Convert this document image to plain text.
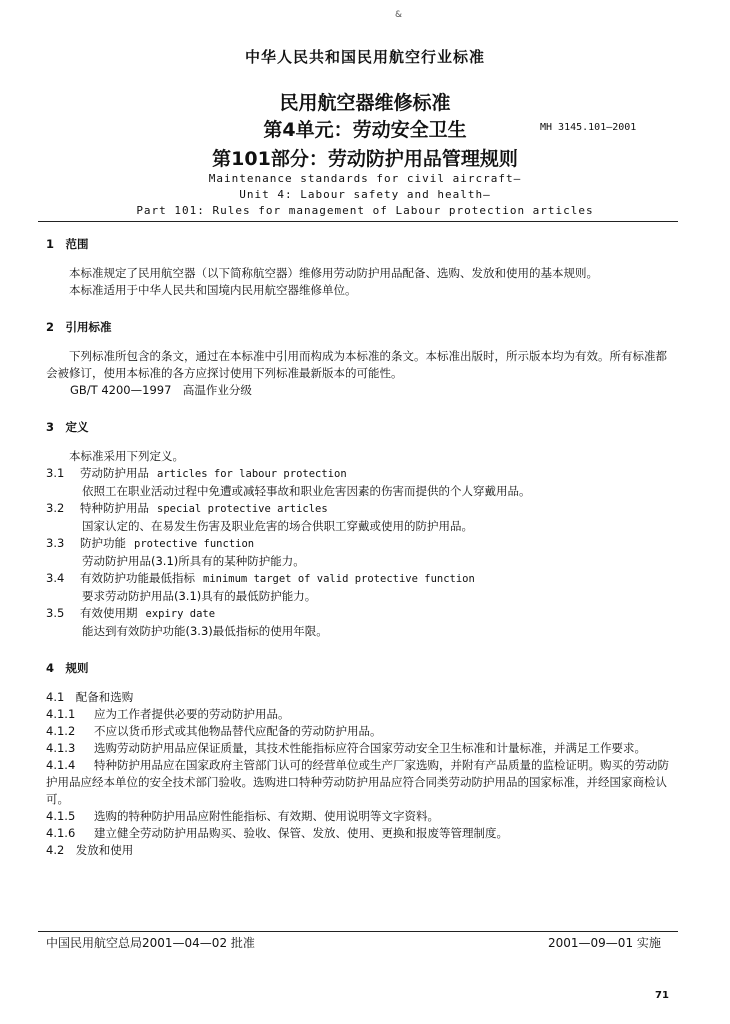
&
中华人民共和国民用航空行业标准
民用航空器维修标准
第4单元：劳动安全卫生	MH 3145.101—2001
第101部分：劳动防护用品管理规则
Maintenance standards for civil aircraft—
Unit 4: Labour safety and health—
Part 101: Rules for management of Labour protection articles
1　范围
本标准规定了民用航空器（以下简称航空器）维修用劳动防护用品配备、选购、发放和使用的基本规则。
本标准适用于中华人民共和国境内民用航空器维修单位。
2　引用标准
下列标准所包含的条文，通过在本标准中引用而构成为本标准的条文。本标准出版时，所示版本均为有效。所有标准都会被修订，使用本标准的各方应探讨使用下列标准最新版本的可能性。
GB/T 4200—1997　高温作业分级
3　定义
本标准采用下列定义。
3.1 劳动防护用品 articles for labour protection
依照工在职业活动过程中免遭或减轻事故和职业危害因素的伤害而提供的个人穿戴用品。
3.2 特种防护用品 special protective articles
国家认定的、在易发生伤害及职业危害的场合供职工穿戴或使用的防护用品。
3.3 防护功能 protective function
劳动防护用品(3.1)所具有的某种防护能力。
3.4 有效防护功能最低指标 minimum target of valid protective function
要求劳动防护用品(3.1)具有的最低防护能力。
3.5 有效使用期 expiry date
能达到有效防护功能(3.3)最低指标的使用年限。
4　规则
4.1　配备和选购
4.1.1 应为工作者提供必要的劳动防护用品。
4.1.2 不应以货币形式或其他物品替代应配备的劳动防护用品。
4.1.3 选购劳动防护用品应保证质量，其技术性能指标应符合国家劳动安全卫生标准和计量标准，并满足工作要求。
4.1.4 特种防护用品应在国家政府主管部门认可的经营单位或生产厂家选购，并附有产品质量的监检证明。购买的劳动防护用品应经本单位的安全技术部门验收。选购进口特种劳动防护用品应符合同类劳动防护用品的国家标准，并经国家商检认可。
4.1.5 选购的特种防护用品应附性能指标、有效期、使用说明等文字资料。
4.1.6 建立健全劳动防护用品购买、验收、保管、发放、使用、更换和报废等管理制度。
4.2　发放和使用
中国民用航空总局2001—04—02 批准	2001—09—01 实施
71
